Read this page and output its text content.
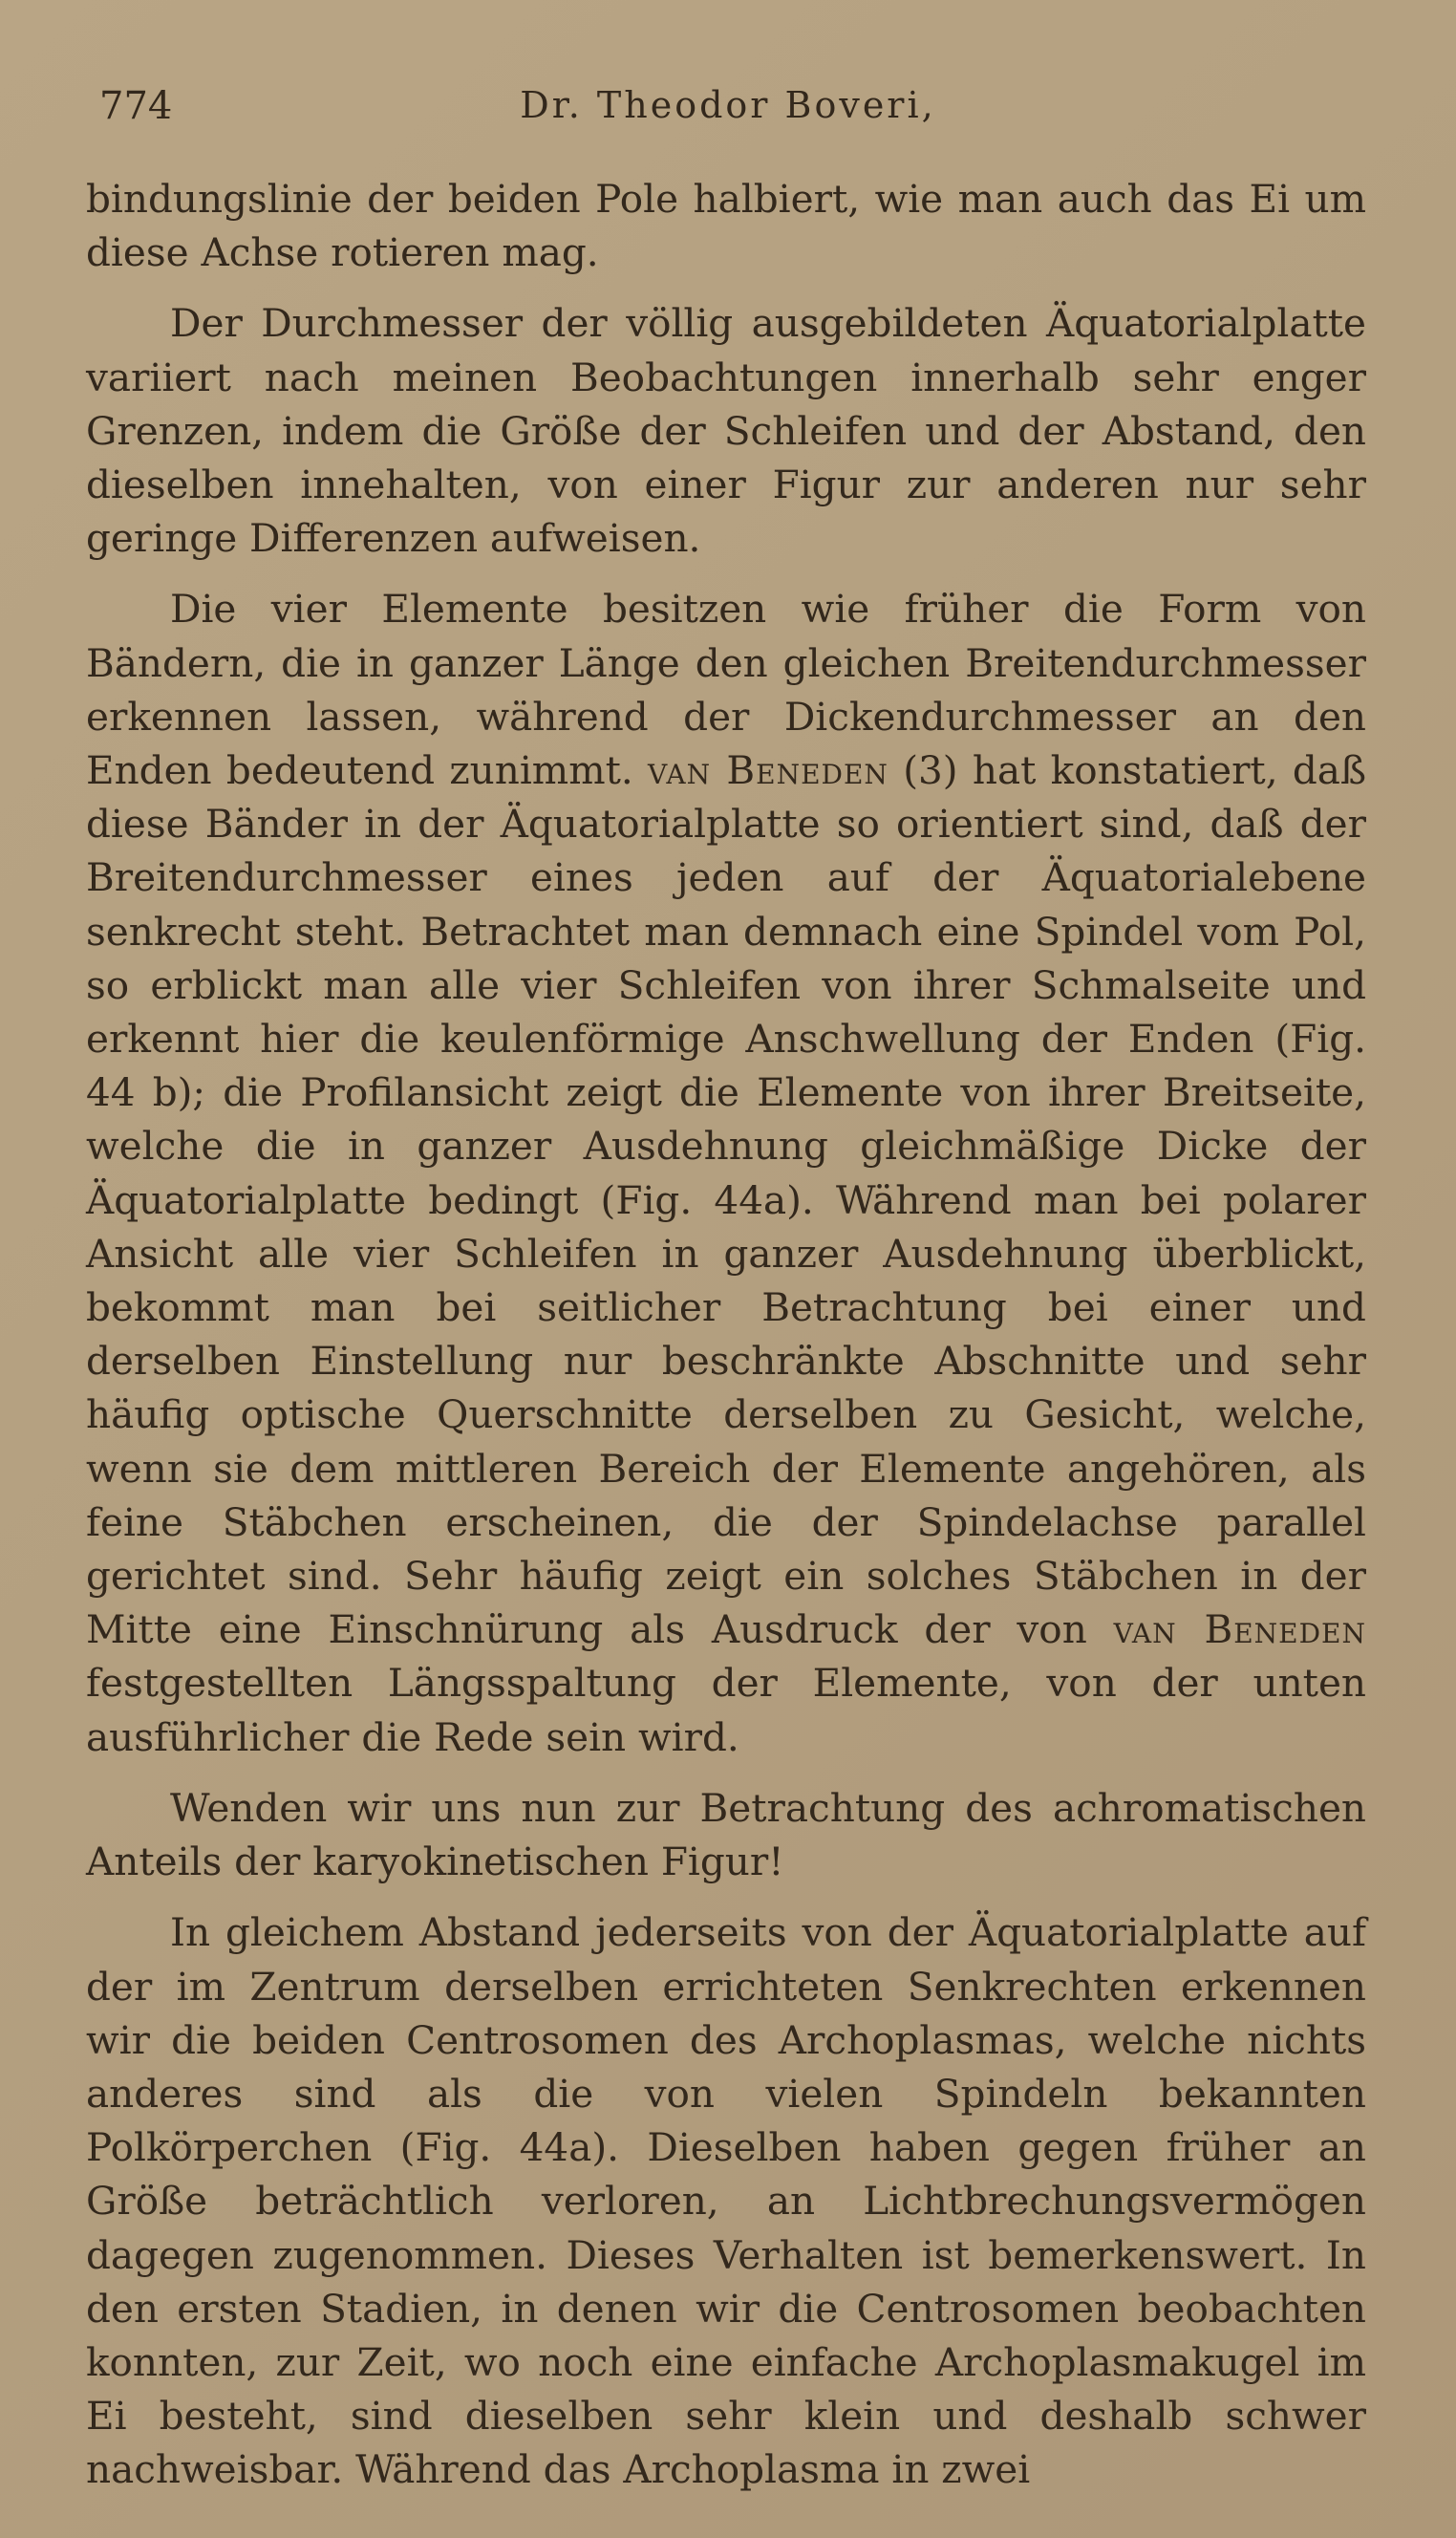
774	Dr. Theodor Boveri,

bindungslinie der beiden Pole halbiert, wie man auch das Ei um diese Achse rotieren mag.

Der Durchmesser der völlig ausgebildeten Äquatorialplatte variiert nach meinen Beobachtungen innerhalb sehr enger Grenzen, indem die Größe der Schleifen und der Abstand, den dieselben innehalten, von einer Figur zur anderen nur sehr geringe Differenzen aufweisen.

Die vier Elemente besitzen wie früher die Form von Bändern, die in ganzer Länge den gleichen Breitendurchmesser erkennen lassen, während der Dickendurchmesser an den Enden bedeutend zunimmt. van Beneden (3) hat konstatiert, daß diese Bänder in der Äquatorialplatte so orientiert sind, daß der Breitendurchmesser eines jeden auf der Äquatorialebene senkrecht steht. Betrachtet man demnach eine Spindel vom Pol, so erblickt man alle vier Schleifen von ihrer Schmalseite und erkennt hier die keulenförmige Anschwellung der Enden (Fig. 44 b); die Profilansicht zeigt die Elemente von ihrer Breitseite, welche die in ganzer Ausdehnung gleichmäßige Dicke der Äquatorialplatte bedingt (Fig. 44a). Während man bei polarer Ansicht alle vier Schleifen in ganzer Ausdehnung überblickt, bekommt man bei seitlicher Betrachtung bei einer und derselben Einstellung nur beschränkte Abschnitte und sehr häufig optische Querschnitte derselben zu Gesicht, welche, wenn sie dem mittleren Bereich der Elemente angehören, als feine Stäbchen erscheinen, die der Spindelachse parallel gerichtet sind. Sehr häufig zeigt ein solches Stäbchen in der Mitte eine Einschnürung als Ausdruck der von van Beneden festgestellten Längsspaltung der Elemente, von der unten ausführlicher die Rede sein wird.

Wenden wir uns nun zur Betrachtung des achromatischen Anteils der karyokinetischen Figur!

In gleichem Abstand jederseits von der Äquatorialplatte auf der im Zentrum derselben errichteten Senkrechten erkennen wir die beiden Centrosomen des Archoplasmas, welche nichts anderes sind als die von vielen Spindeln bekannten Polkörperchen (Fig. 44a). Dieselben haben gegen früher an Größe beträchtlich verloren, an Lichtbrechungsvermögen dagegen zugenommen. Dieses Verhalten ist bemerkenswert. In den ersten Stadien, in denen wir die Centrosomen beobachten konnten, zur Zeit, wo noch eine einfache Archoplasmakugel im Ei besteht, sind dieselben sehr klein und deshalb schwer nachweisbar. Während das Archoplasma in zwei
